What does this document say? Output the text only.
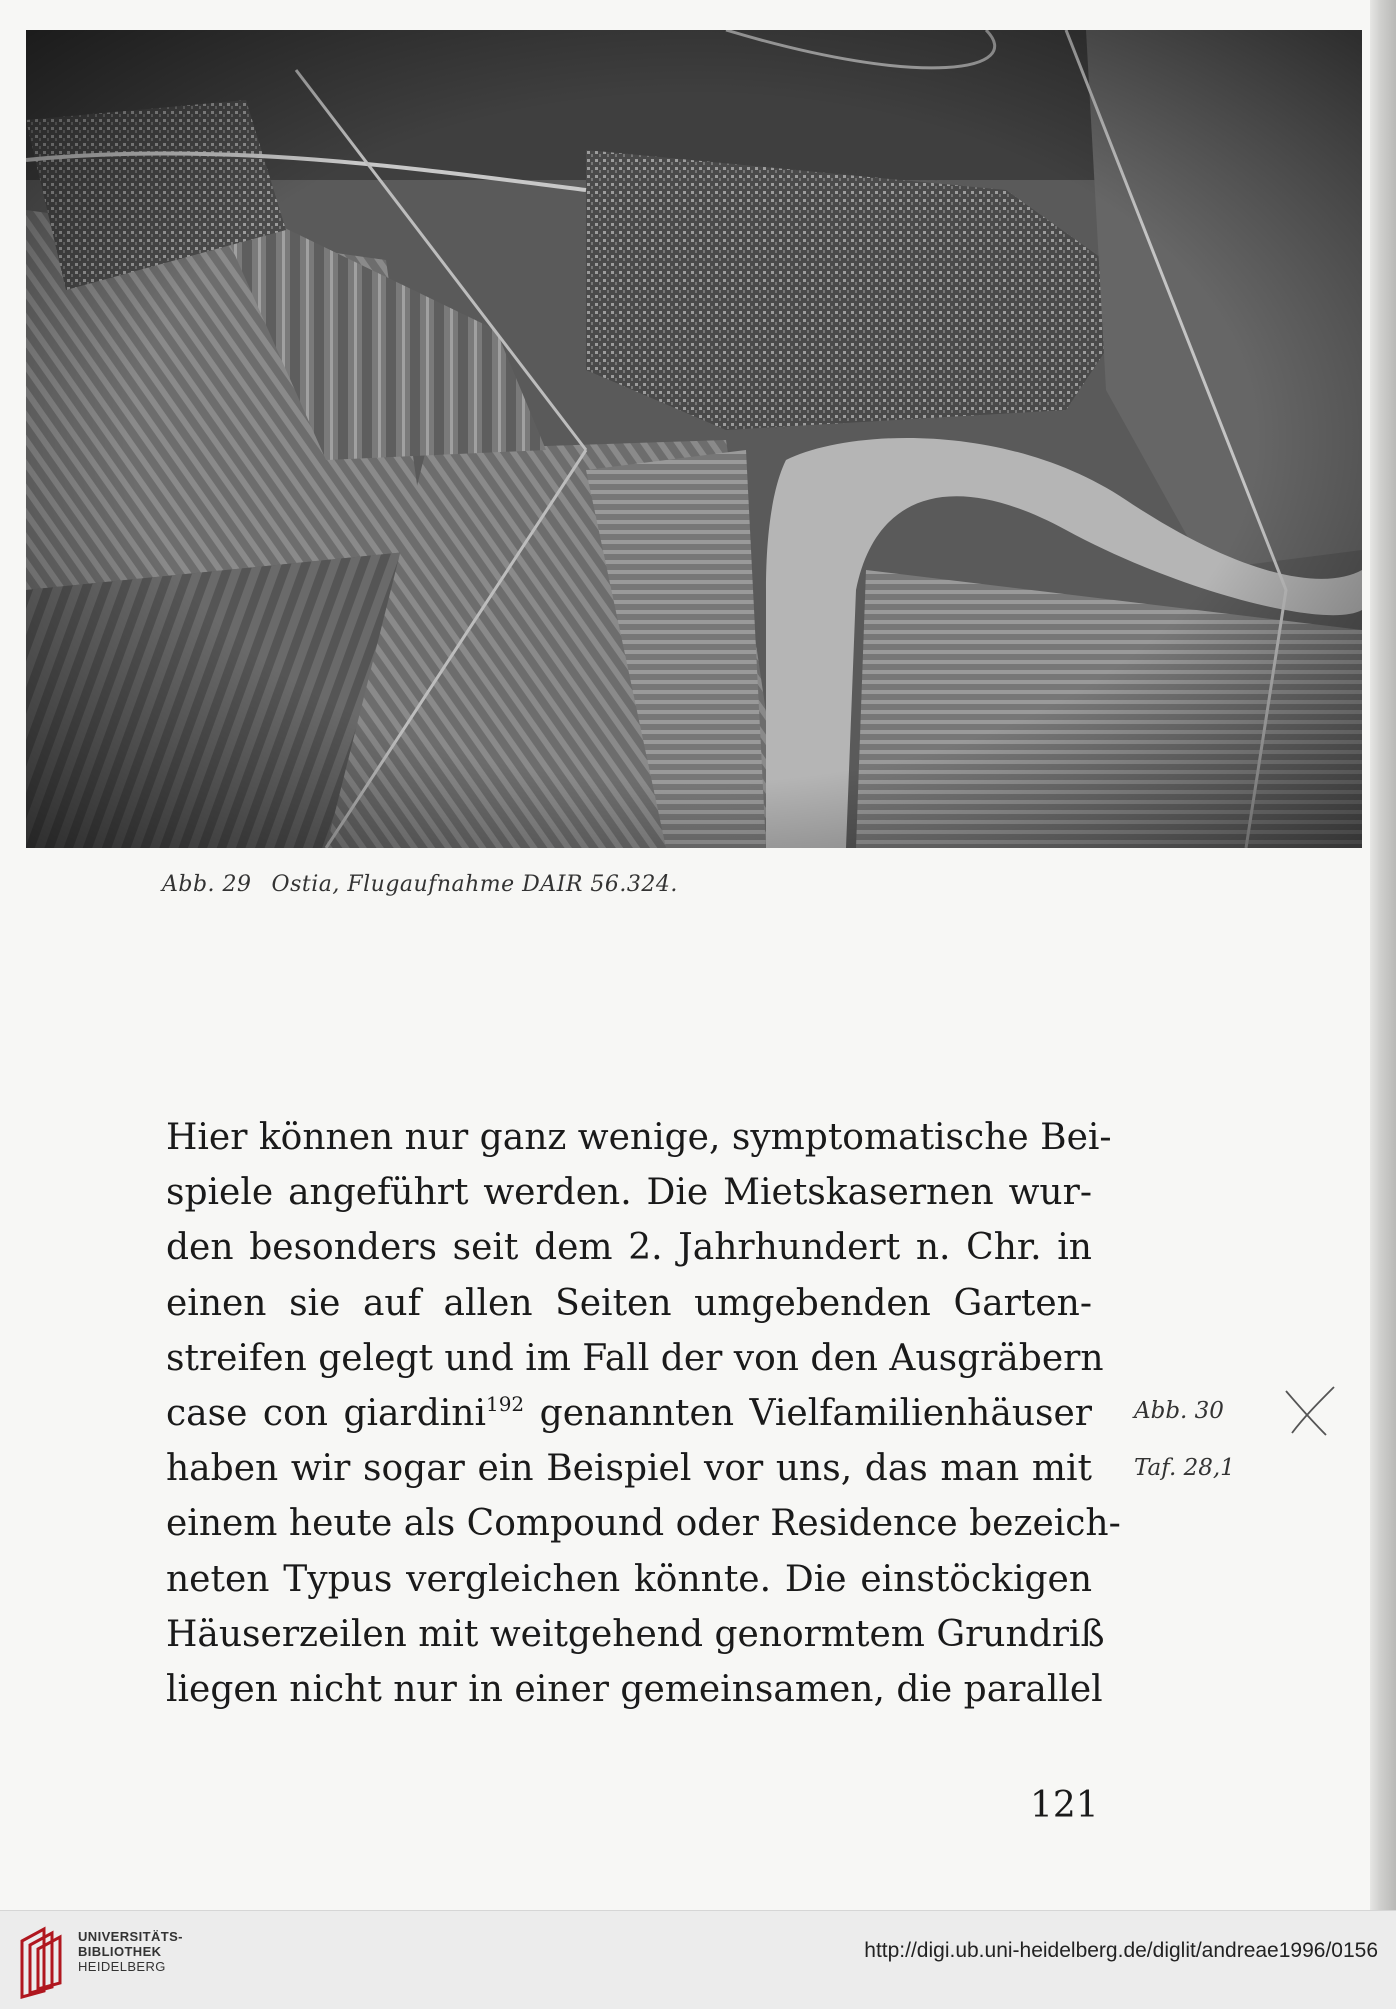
Abb. 29 Ostia, Flugaufnahme DAIR 56.324.
Hier können nur ganz wenige, symptomatische Bei-
spiele angeführt werden. Die Mietskasernen wur-
den besonders seit dem 2. Jahrhundert n. Chr. in
einen sie auf allen Seiten umgebenden Garten-
streifen gelegt und im Fall der von den Ausgräbern
case con giardini$^{192}$ genannten Vielfamilienhäuser
haben wir sogar ein Beispiel vor uns, das man mit
einem heute als Compound oder Residence bezeich-
neten Typus vergleichen könnte. Die einstöckigen
Häuserzeilen mit weitgehend genormtem Grundriß
liegen nicht nur in einer gemeinsamen, die parallel
Abb. 30
Taf. 28,1
121
UNIVERSITÄTS-
BIBLIOTHEK
HEIDELBERG
http://digi.ub.uni-heidelberg.de/diglit/andreae1996/0156
